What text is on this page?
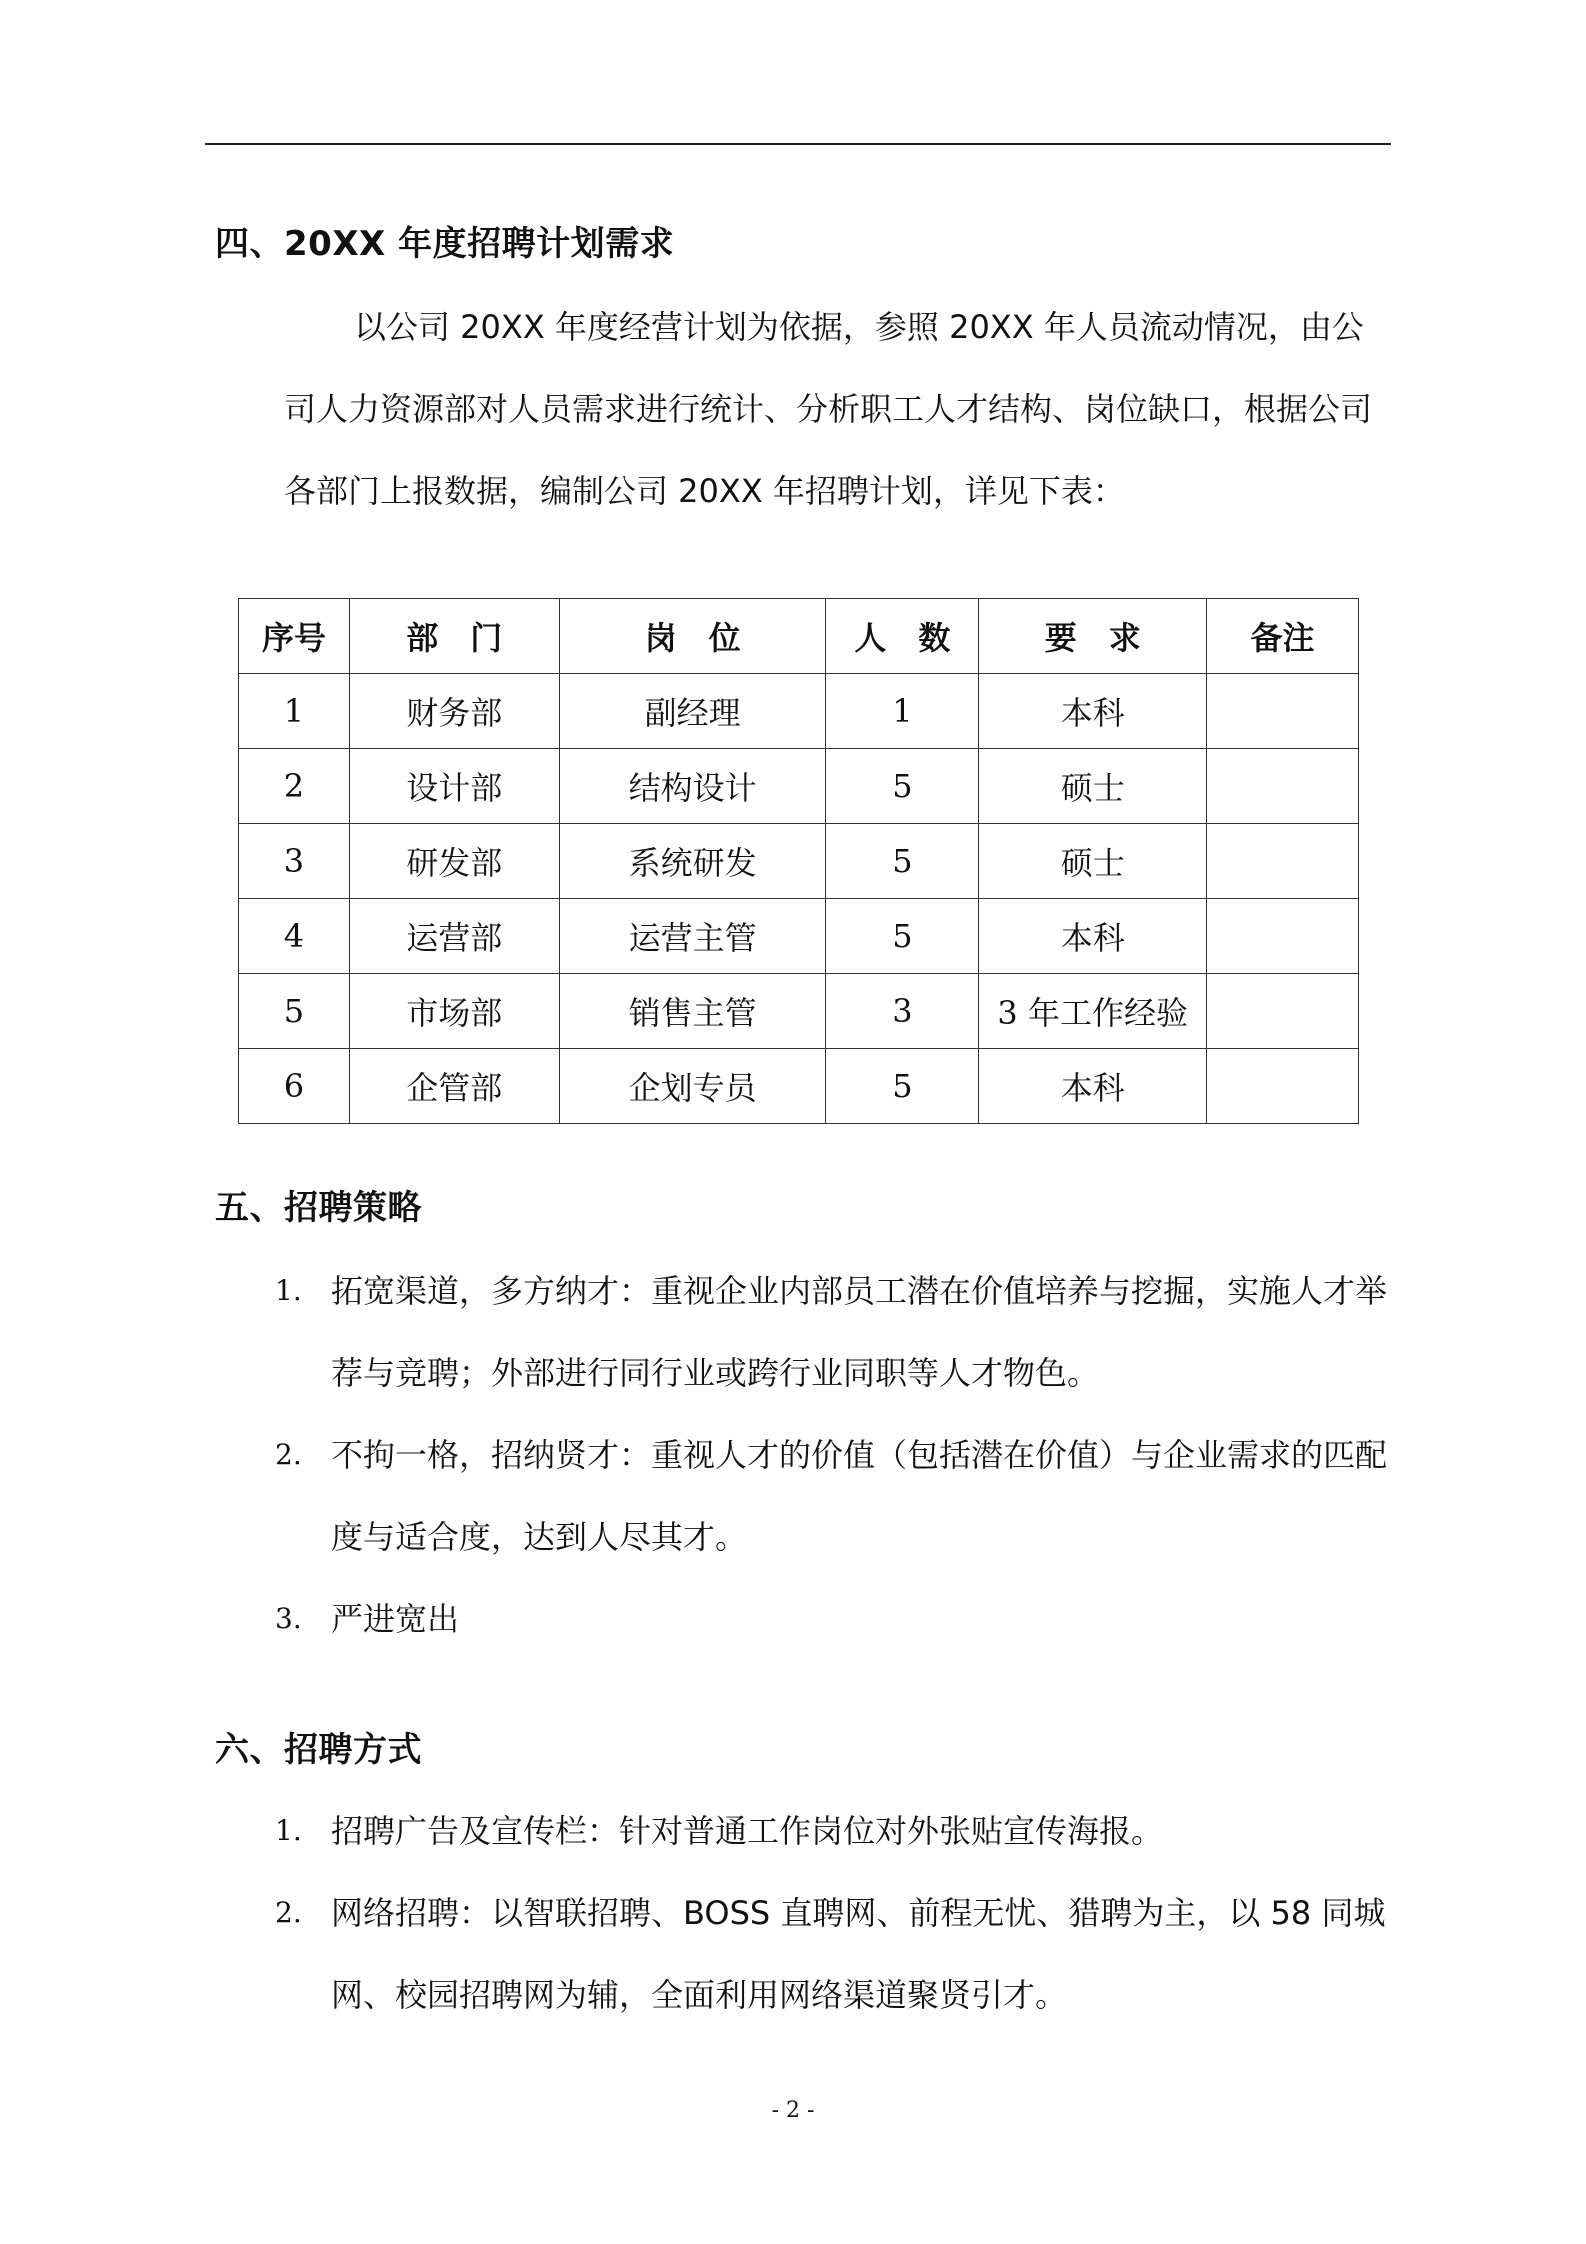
四、20XX 年度招聘计划需求

以公司 20XX 年度经营计划为依据，参照 20XX 年人员流动情况，由公司人力资源部对人员需求进行统计、分析职工人才结构、岗位缺口，根据公司各部门上报数据，编制公司 20XX 年招聘计划，详见下表：

序号	部　门	岗　位	人　数	要　求	备注
1	财务部	副经理	1	本科	
2	设计部	结构设计	5	硕士	
3	研发部	系统研发	5	硕士	
4	运营部	运营主管	5	本科	
5	市场部	销售主管	3	3 年工作经验	
6	企管部	企划专员	5	本科	
五、招聘策略
1. 拓宽渠道，多方纳才：重视企业内部员工潜在价值培养与挖掘，实施人才举荐与竞聘；外部进行同行业或跨行业同职等人才物色。
2. 不拘一格，招纳贤才：重视人才的价值（包括潜在价值）与企业需求的匹配度与适合度，达到人尽其才。
3. 严进宽出
六、招聘方式
1. 招聘广告及宣传栏：针对普通工作岗位对外张贴宣传海报。
2. 网络招聘：以智联招聘、BOSS 直聘网、前程无忧、猎聘为主，以 58 同城网、校园招聘网为辅，全面利用网络渠道聚贤引才。
- 2 -
